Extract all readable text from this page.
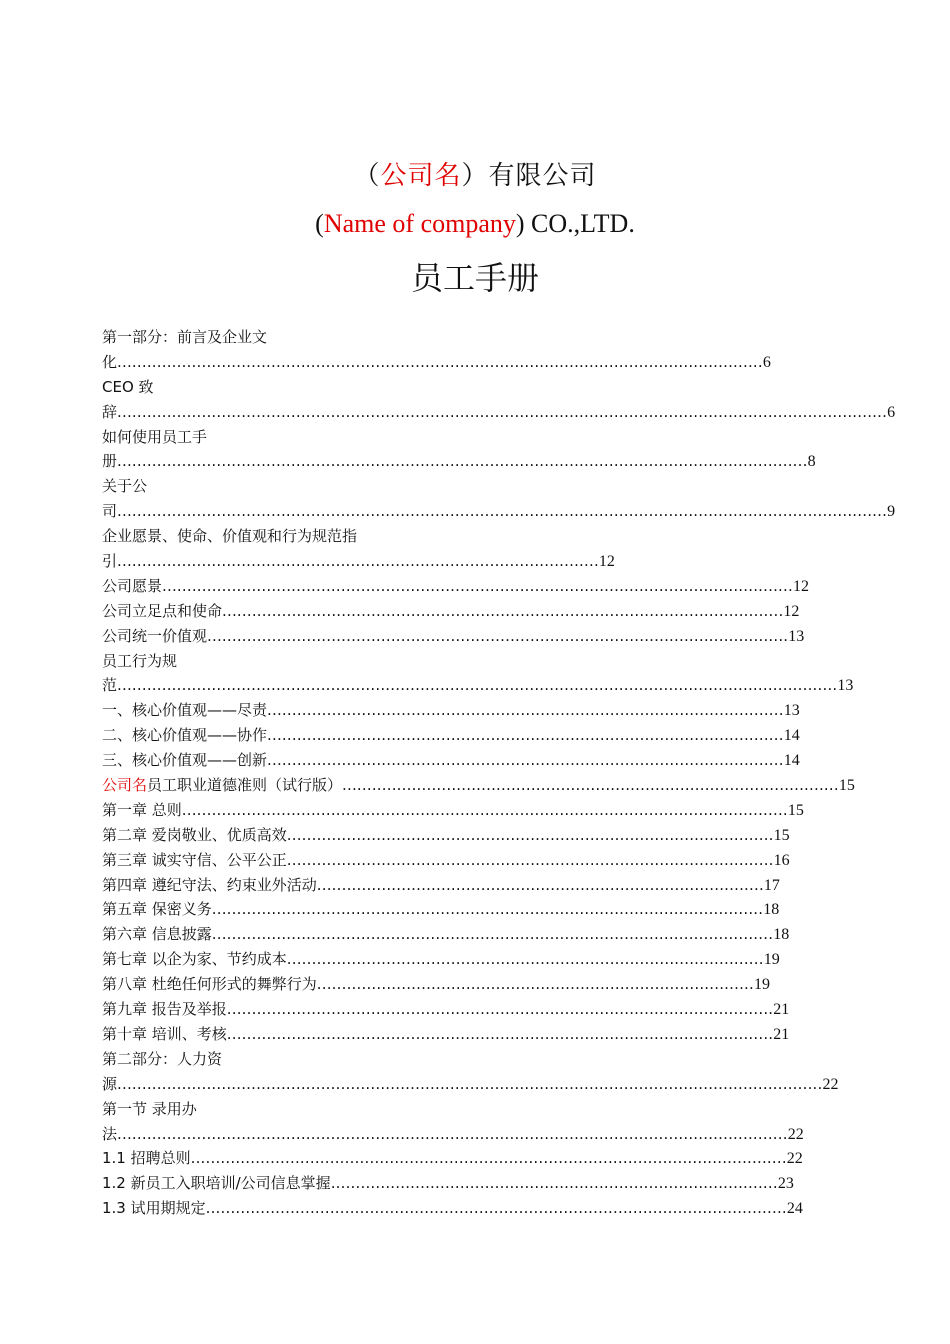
（公司名）有限公司
(Name of company) CO.,LTD.
员工手册
第一部分：前言及企业文
化..................................................................................................................................6
CEO 致
辞...........................................................................................................................................................6
如何使用员工手
册...........................................................................................................................................8
关于公
司...........................................................................................................................................................9
企业愿景、使命、价值观和行为规范指
引.................................................................................................12
公司愿景...............................................................................................................................12
公司立足点和使命.................................................................................................................12
公司统一价值观.....................................................................................................................13
员工行为规
范.................................................................................................................................................13
一、核心价值观——尽责........................................................................................................13
二、核心价值观——协作........................................................................................................14
三、核心价值观——创新........................................................................................................14
公司名员工职业道德准则（试行版）....................................................................................................15
第一章 总则..........................................................................................................................15
第二章 爱岗敬业、优质高效..................................................................................................15
第三章 诚实守信、公平公正..................................................................................................16
第四章 遵纪守法、约束业外活动..........................................................................................17
第五章 保密义务...............................................................................................................18
第六章 信息披露.................................................................................................................18
第七章 以企为家、节约成本................................................................................................19
第八章 杜绝任何形式的舞弊行为........................................................................................19
第九章 报告及举报..............................................................................................................21
第十章 培训、考核..............................................................................................................21
第二部分：人力资
源..............................................................................................................................................22
第一节 录用办
法.......................................................................................................................................22
1.1 招聘总则........................................................................................................................22
1.2 新员工入职培训/公司信息掌握..........................................................................................23
1.3 试用期规定.....................................................................................................................24
